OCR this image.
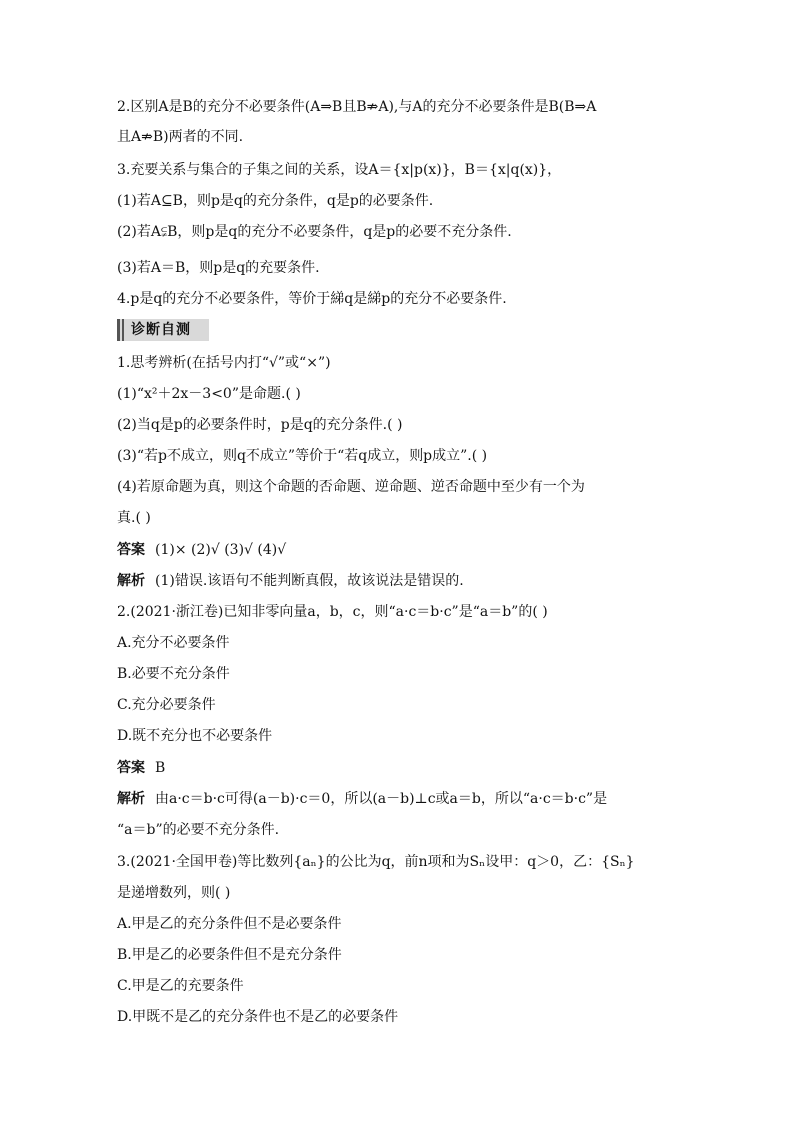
2.区别A是B的充分不必要条件(A⇒B且B⇏A),与A的充分不必要条件是B(B⇒A
且A⇏B)两者的不同.
3.充要关系与集合的子集之间的关系，设A＝{x|p(x)}，B＝{x|q(x)}，
(1)若A⊆B，则p是q的充分条件，q是p的必要条件.
(2)若A⫋B，则p是q的充分不必要条件，q是p的必要不充分条件.
(3)若A＝B，则p是q的充要条件.
4.p是q的充分不必要条件，等价于綈q是綈p的充分不必要条件.
诊断自测
1.思考辨析(在括号内打“√”或“×”)
(1)“x²＋2x－3<0”是命题.( )
(2)当q是p的必要条件时，p是q的充分条件.( )
(3)“若p不成立，则q不成立”等价于“若q成立，则p成立”.( )
(4)若原命题为真，则这个命题的否命题、逆命题、逆否命题中至少有一个为
真.( )
答案 (1)× (2)√ (3)√ (4)√
解析 (1)错误.该语句不能判断真假，故该说法是错误的.
2.(2021·浙江卷)已知非零向量a，b，c，则“a·c＝b·c”是“a＝b”的( )
A.充分不必要条件
B.必要不充分条件
C.充分必要条件
D.既不充分也不必要条件
答案 B
解析 由a·c＝b·c可得(a－b)·c＝0，所以(a－b)⊥c或a＝b，所以“a·c＝b·c”是
“a＝b”的必要不充分条件.
3.(2021·全国甲卷)等比数列{aₙ}的公比为q，前n项和为Sₙ设甲：q＞0，乙：{Sₙ}
是递增数列，则( )
A.甲是乙的充分条件但不是必要条件
B.甲是乙的必要条件但不是充分条件
C.甲是乙的充要条件
D.甲既不是乙的充分条件也不是乙的必要条件
